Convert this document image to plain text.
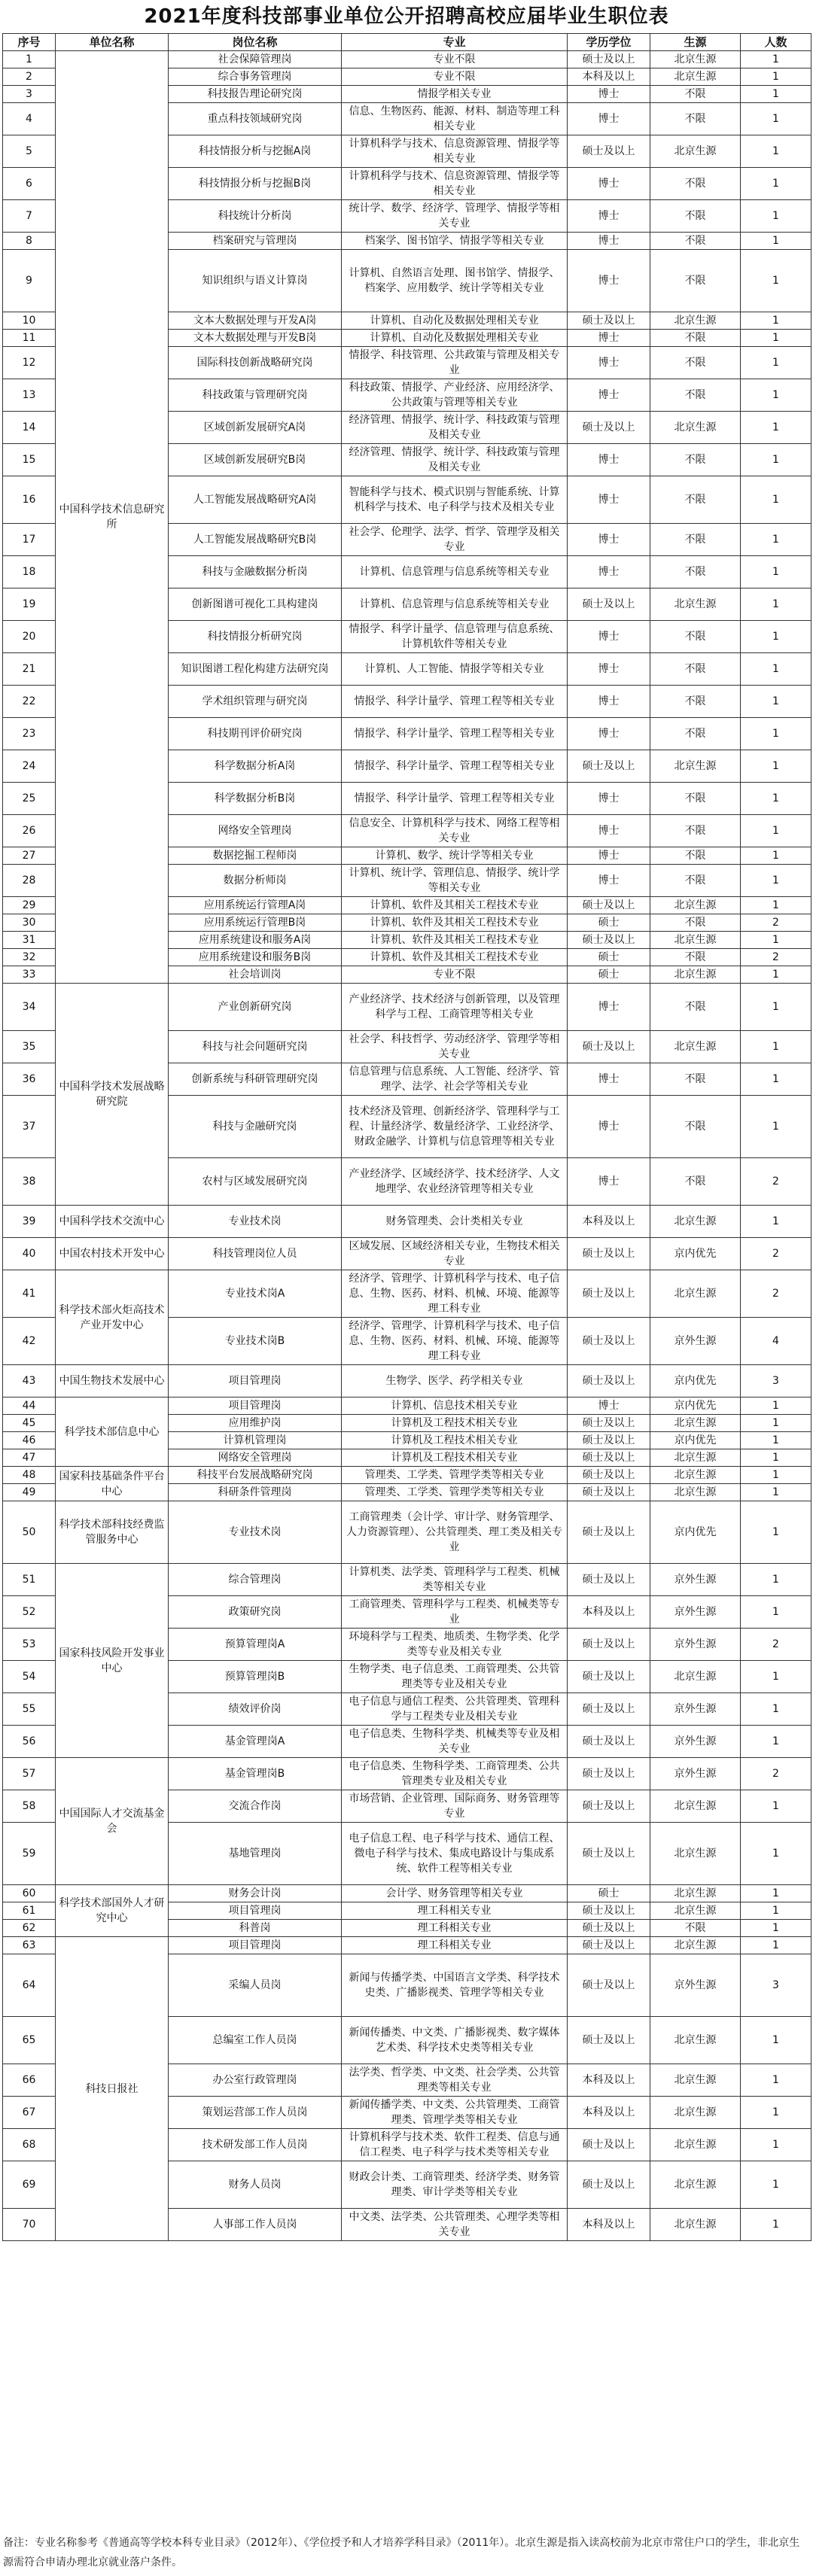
2021年度科技部事业单位公开招聘高校应届毕业生职位表
序号	单位名称	岗位名称	专业	学历学位	生源	人数
1	中国科学技术信息研究所	社会保障管理岗	专业不限	硕士及以上	北京生源	1
2		综合事务管理岗	专业不限	本科及以上	北京生源	1
3		科技报告理论研究岗	情报学相关专业	博士	不限	1
4		重点科技领域研究岗	信息、生物医药、能源、材料、制造等理工科相关专业	博士	不限	1
5		科技情报分析与挖掘A岗	计算机科学与技术、信息资源管理、情报学等相关专业	硕士及以上	北京生源	1
6		科技情报分析与挖掘B岗	计算机科学与技术、信息资源管理、情报学等相关专业	博士	不限	1
7		科技统计分析岗	统计学、数学、经济学、管理学、情报学等相关专业	博士	不限	1
8		档案研究与管理岗	档案学、图书馆学、情报学等相关专业	博士	不限	1
9		知识组织与语义计算岗	计算机、自然语言处理、图书馆学、情报学、档案学、应用数学、统计学等相关专业	博士	不限	1
10		文本大数据处理与开发A岗	计算机、自动化及数据处理相关专业	硕士及以上	北京生源	1
11		文本大数据处理与开发B岗	计算机、自动化及数据处理相关专业	博士	不限	1
12		国际科技创新战略研究岗	情报学、科技管理、公共政策与管理及相关专业	博士	不限	1
13		科技政策与管理研究岗	科技政策、情报学、产业经济、应用经济学、公共政策与管理等相关专业	博士	不限	1
14		区域创新发展研究A岗	经济管理、情报学、统计学、科技政策与管理及相关专业	硕士及以上	北京生源	1
15		区域创新发展研究B岗	经济管理、情报学、统计学、科技政策与管理及相关专业	博士	不限	1
16		人工智能发展战略研究A岗	智能科学与技术、模式识别与智能系统、计算机科学与技术、电子科学与技术及相关专业	博士	不限	1
17		人工智能发展战略研究B岗	社会学、伦理学、法学、哲学、管理学及相关专业	博士	不限	1
18		科技与金融数据分析岗	计算机、信息管理与信息系统等相关专业	博士	不限	1
19		创新图谱可视化工具构建岗	计算机、信息管理与信息系统等相关专业	硕士及以上	北京生源	1
20		科技情报分析研究岗	情报学、科学计量学、信息管理与信息系统、计算机软件等相关专业	博士	不限	1
21		知识图谱工程化构建方法研究岗	计算机、人工智能、情报学等相关专业	博士	不限	1
22		学术组织管理与研究岗	情报学、科学计量学、管理工程等相关专业	博士	不限	1
23		科技期刊评价研究岗	情报学、科学计量学、管理工程等相关专业	博士	不限	1
24		科学数据分析A岗	情报学、科学计量学、管理工程等相关专业	硕士及以上	北京生源	1
25		科学数据分析B岗	情报学、科学计量学、管理工程等相关专业	博士	不限	1
26		网络安全管理岗	信息安全、计算机科学与技术、网络工程等相关专业	博士	不限	1
27		数据挖掘工程师岗	计算机、数学、统计学等相关专业	博士	不限	1
28		数据分析师岗	计算机、统计学、管理信息、情报学、统计学等相关专业	博士	不限	1
29		应用系统运行管理A岗	计算机、软件及其相关工程技术专业	硕士及以上	北京生源	1
30		应用系统运行管理B岗	计算机、软件及其相关工程技术专业	硕士	不限	2
31		应用系统建设和服务A岗	计算机、软件及其相关工程技术专业	硕士及以上	北京生源	1
32		应用系统建设和服务B岗	计算机、软件及其相关工程技术专业	硕士	不限	2
33		社会培训岗	专业不限	硕士	北京生源	1
34	中国科学技术发展战略研究院	产业创新研究岗	产业经济学、技术经济与创新管理，以及管理科学与工程、工商管理等相关专业	博士	不限	1
35		科技与社会问题研究岗	社会学、科技哲学、劳动经济学、管理学等相关专业	硕士及以上	北京生源	1
36		创新系统与科研管理研究岗	信息管理与信息系统、人工智能、经济学、管理学、法学、社会学等相关专业	博士	不限	1
37		科技与金融研究岗	技术经济及管理、创新经济学、管理科学与工程、计量经济学、数量经济学、工业经济学、财政金融学、计算机与信息管理等相关专业	博士	不限	1
38		农村与区域发展研究岗	产业经济学、区域经济学、技术经济学、人文地理学、农业经济管理等相关专业	博士	不限	2
39	中国科学技术交流中心	专业技术岗	财务管理类、会计类相关专业	本科及以上	北京生源	1
40	中国农村技术开发中心	科技管理岗位人员	区域发展、区域经济相关专业，生物技术相关专业	硕士及以上	京内优先	2
41	科学技术部火炬高技术产业开发中心	专业技术岗A	经济学、管理学、计算机科学与技术、电子信息、生物、医药、材料、机械、环境、能源等理工科专业	硕士及以上	北京生源	2
42		专业技术岗B	经济学、管理学、计算机科学与技术、电子信息、生物、医药、材料、机械、环境、能源等理工科专业	硕士及以上	京外生源	4
43	中国生物技术发展中心	项目管理岗	生物学、医学、药学相关专业	硕士及以上	京内优先	3
44	科学技术部信息中心	项目管理岗	计算机、信息技术相关专业	博士	京内优先	1
45		应用维护岗	计算机及工程技术相关专业	硕士及以上	北京生源	1
46		计算机管理岗	计算机及工程技术相关专业	硕士及以上	京内优先	1
47		网络安全管理岗	计算机及工程技术相关专业	硕士及以上	北京生源	1
48	国家科技基础条件平台中心	科技平台发展战略研究岗	管理类、工学类、管理学类等相关专业	硕士及以上	北京生源	1
49		科研条件管理岗	管理类、工学类、管理学类等相关专业	硕士及以上	北京生源	1
50	科学技术部科技经费监管服务中心	专业技术岗	工商管理类（会计学、审计学、财务管理学、人力资源管理）、公共管理类、理工类及相关专业	硕士及以上	京内优先	1
51	国家科技风险开发事业中心	综合管理岗	计算机类、法学类、管理科学与工程类、机械类等相关专业	硕士及以上	京外生源	1
52		政策研究岗	工商管理类、管理科学与工程类、机械类等专业	本科及以上	京外生源	1
53		预算管理岗A	环境科学与工程类、地质类、生物学类、化学类等专业及相关专业	硕士及以上	京外生源	2
54		预算管理岗B	生物学类、电子信息类、工商管理类、公共管理类等专业及相关专业	硕士及以上	北京生源	1
55		绩效评价岗	电子信息与通信工程类、公共管理类、管理科学与工程类专业及相关专业	硕士及以上	京外生源	1
56		基金管理岗A	电子信息类、生物科学类、机械类等专业及相关专业	硕士及以上	京外生源	1
57	中国国际人才交流基金会	基金管理岗B	电子信息类、生物科学类、工商管理类、公共管理类专业及相关专业	硕士及以上	京外生源	2
58		交流合作岗	市场营销、企业管理、国际商务、财务管理等专业	硕士及以上	北京生源	1
59		基地管理岗	电子信息工程、电子科学与技术、通信工程、微电子科学与技术、集成电路设计与集成系统、软件工程等相关专业	硕士及以上	北京生源	1
60	科学技术部国外人才研究中心	财务会计岗	会计学、财务管理等相关专业	硕士	北京生源	1
61		项目管理岗	理工科相关专业	硕士及以上	北京生源	1
62		科普岗	理工科相关专业	硕士及以上	不限	1
63	科技日报社	项目管理岗	理工科相关专业	硕士及以上	北京生源	1
64		采编人员岗	新闻与传播学类、中国语言文学类、科学技术史类、广播影视类、管理学等相关专业	硕士及以上	京外生源	3
65		总编室工作人员岗	新闻传播类、中文类、广播影视类、数字媒体艺术类、科学技术史类等相关专业	硕士及以上	北京生源	1
66		办公室行政管理岗	法学类、哲学类、中文类、社会学类、公共管理类等相关专业	本科及以上	北京生源	1
67		策划运营部工作人员岗	新闻传播学类、中文类、公共管理类、工商管理类、管理学类等相关专业	本科及以上	北京生源	1
68		技术研发部工作人员岗	计算机科学与技术类、软件工程类、信息与通信工程类、电子科学与技术类等相关专业	硕士及以上	北京生源	1
69		财务人员岗	财政会计类、工商管理类、经济学类、财务管理类、审计学类等相关专业	硕士及以上	北京生源	1
70		人事部工作人员岗	中文类、法学类、公共管理类、心理学类等相关专业	本科及以上	北京生源	1
备注：专业名称参考《普通高等学校本科专业目录》（2012年）、《学位授予和人才培养学科目录》（2011年）。北京生源是指入读高校前为北京市常住户口的学生，非北京生源需符合申请办理北京就业落户条件。
